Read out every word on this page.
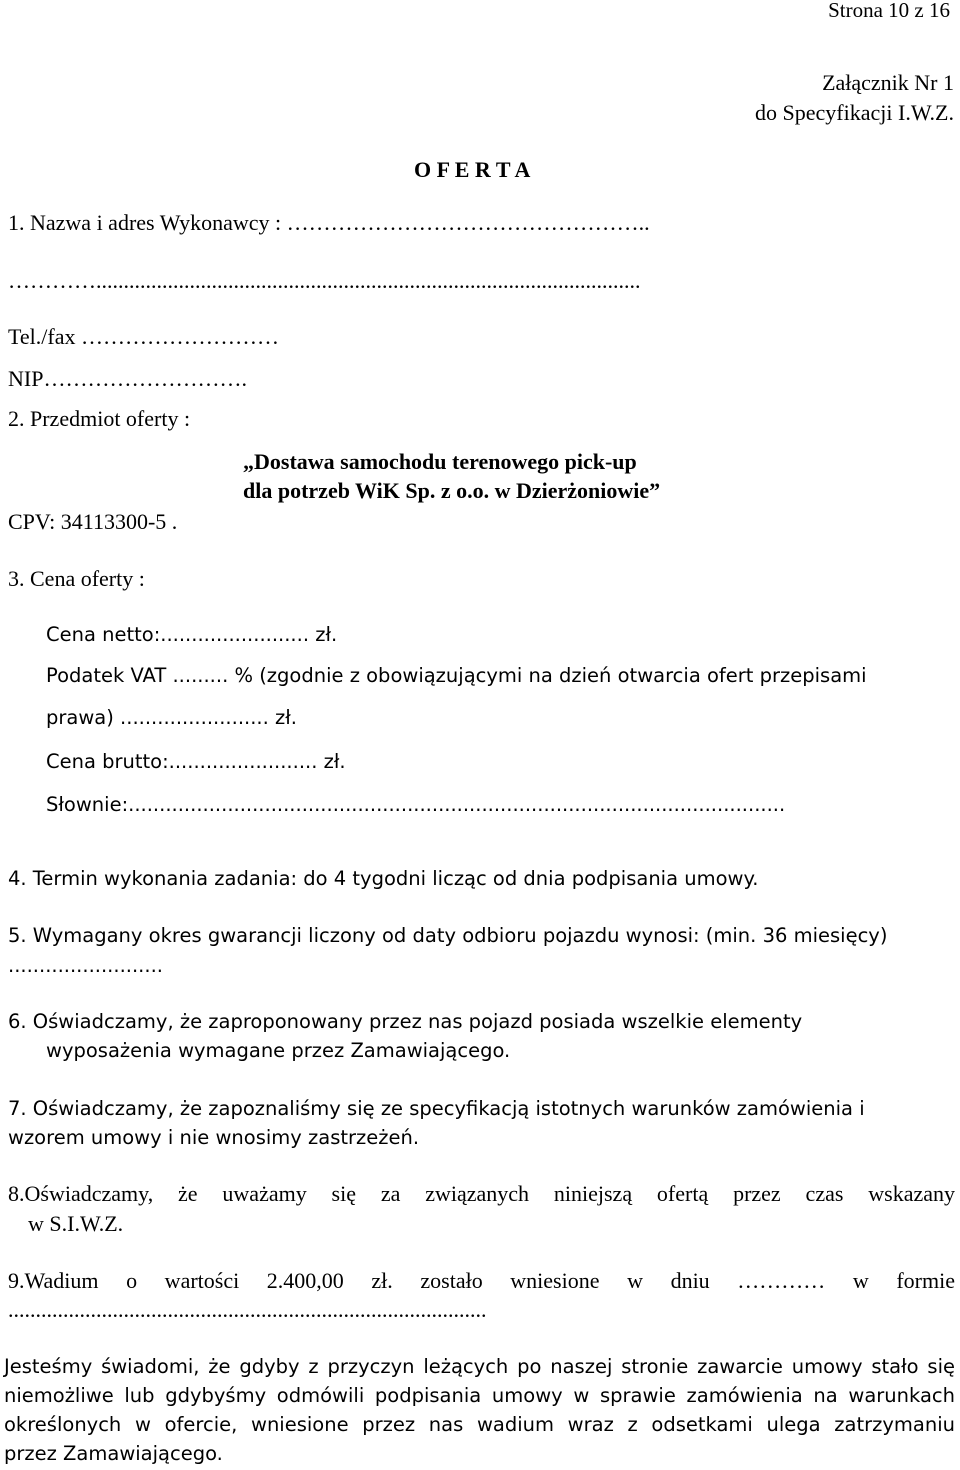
Strona 10 z 16
Załącznik Nr 1
do Specyfikacji I.W.Z.
O F E R T A
1. Nazwa i adres Wykonawcy : …………………………………………..
…………...................................................................................................
Tel./fax ………………………
NIP……………………….
2. Przedmiot oferty :
„Dostawa samochodu terenowego pick-up
dla potrzeb WiK Sp. z o.o. w Dzierżoniowie”
CPV: 34113300-5 .
3. Cena oferty :
Cena netto:........................ zł.
Podatek VAT ......... % (zgodnie z obowiązującymi na dzień otwarcia ofert przepisami
prawa) ........................ zł.
Cena brutto:........................ zł.
Słownie:..........................................................................................................
4. Termin wykonania zadania: do 4 tygodni licząc od dnia podpisania umowy.
5. Wymagany okres gwarancji liczony od daty odbioru pojazdu wynosi: (min. 36 miesięcy)
.........................
6. Oświadczamy, że zaproponowany przez nas pojazd posiada wszelkie elementy
wyposażenia wymagane przez Zamawiającego.
7. Oświadczamy, że zapoznaliśmy się ze specyfikacją istotnych warunków zamówienia i
wzorem umowy i nie wnosimy zastrzeżeń.
8.Oświadczamy, że uważamy się za związanych niniejszą ofertą przez czas wskazany
w S.I.W.Z.
9.Wadium o wartości 2.400,00 zł. zostało wniesione w dniu ………… w formie
.......................................................................................
Jesteśmy świadomi, że gdyby z przyczyn leżących po naszej stronie zawarcie umowy stało się
niemożliwe lub gdybyśmy odmówili podpisania umowy w sprawie zamówienia na warunkach
określonych w ofercie, wniesione przez nas wadium wraz z odsetkami ulega zatrzymaniu
przez Zamawiającego.
